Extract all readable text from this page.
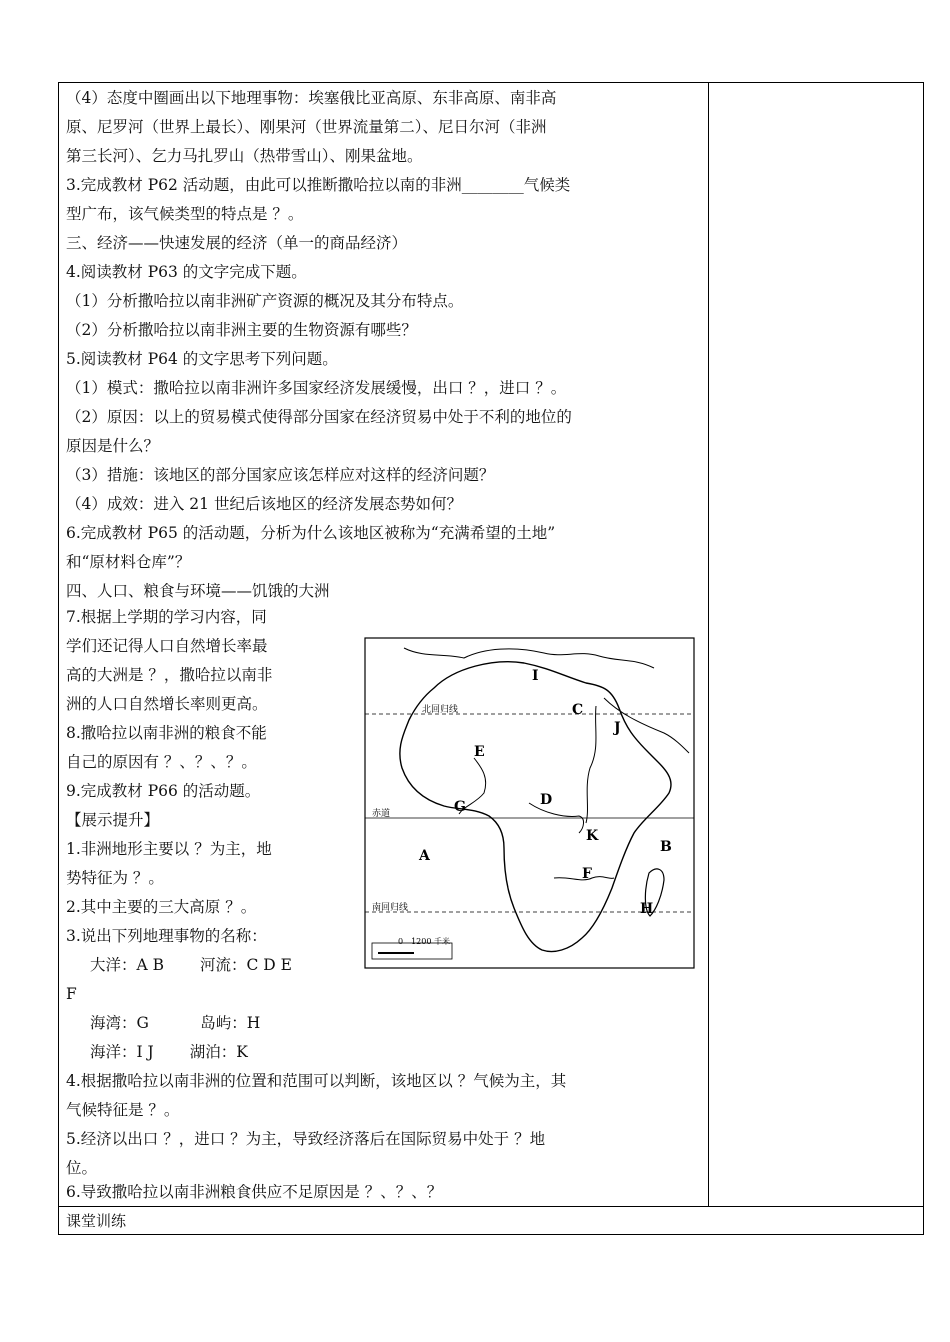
（4）态度中圈画出以下地理事物：埃塞俄比亚高原、东非高原、南非高
原、尼罗河（世界上最长）、刚果河（世界流量第二）、尼日尔河（非洲
第三长河）、乞力马扎罗山（热带雪山）、刚果盆地。
3.完成教材 P62 活动题，由此可以推断撒哈拉以南的非洲________气候类
型广布，该气候类型的特点是 ？。
三、经济——快速发展的经济（单一的商品经济）
4.阅读教材 P63 的文字完成下题。
（1）分析撒哈拉以南非洲矿产资源的概况及其分布特点。
（2）分析撒哈拉以南非洲主要的生物资源有哪些？
5.阅读教材 P64 的文字思考下列问题。
（1）模式：撒哈拉以南非洲许多国家经济发展缓慢，出口 ？，进口 ？。
（2）原因：以上的贸易模式使得部分国家在经济贸易中处于不利的地位的
原因是什么？
（3）措施：该地区的部分国家应该怎样应对这样的经济问题？
（4）成效：进入 21 世纪后该地区的经济发展态势如何？
6.完成教材 P65 的活动题，分析为什么该地区被称为“充满希望的土地”
和“原材料仓库”？
四、人口、粮食与环境——饥饿的大洲
7.根据上学期的学习内容，同
学们还记得人口自然增长率最
高的大洲是 ？，撒哈拉以南非
洲的人口自然增长率则更高。
8.撒哈拉以南非洲的粮食不能
自己的原因有 ？、？、？。
9.完成教材 P66 的活动题。
【展示提升】
1.非洲地形主要以 ？为主，地
势特征为 ？。
2.其中主要的三大高原 ？。
3.说出下列地理事物的名称：
大洋：A B 　　河流：C D E
F
海湾：G 　　　岛屿：H
海洋：I J 　　湖泊：K
4.根据撒哈拉以南非洲的位置和范围可以判断，该地区以 ？气候为主，其
气候特征是 ？。
5.经济以出口 ？，进口 ？为主，导致经济落后在国际贸易中处于 ？地
位。
6.导致撒哈拉以南非洲粮食供应不足原因是 ？、？、？
课堂训练
0　1200 千米
北回归线
赤道
南回归线
A
B
C
D
E
F
G
H
I
J
K
